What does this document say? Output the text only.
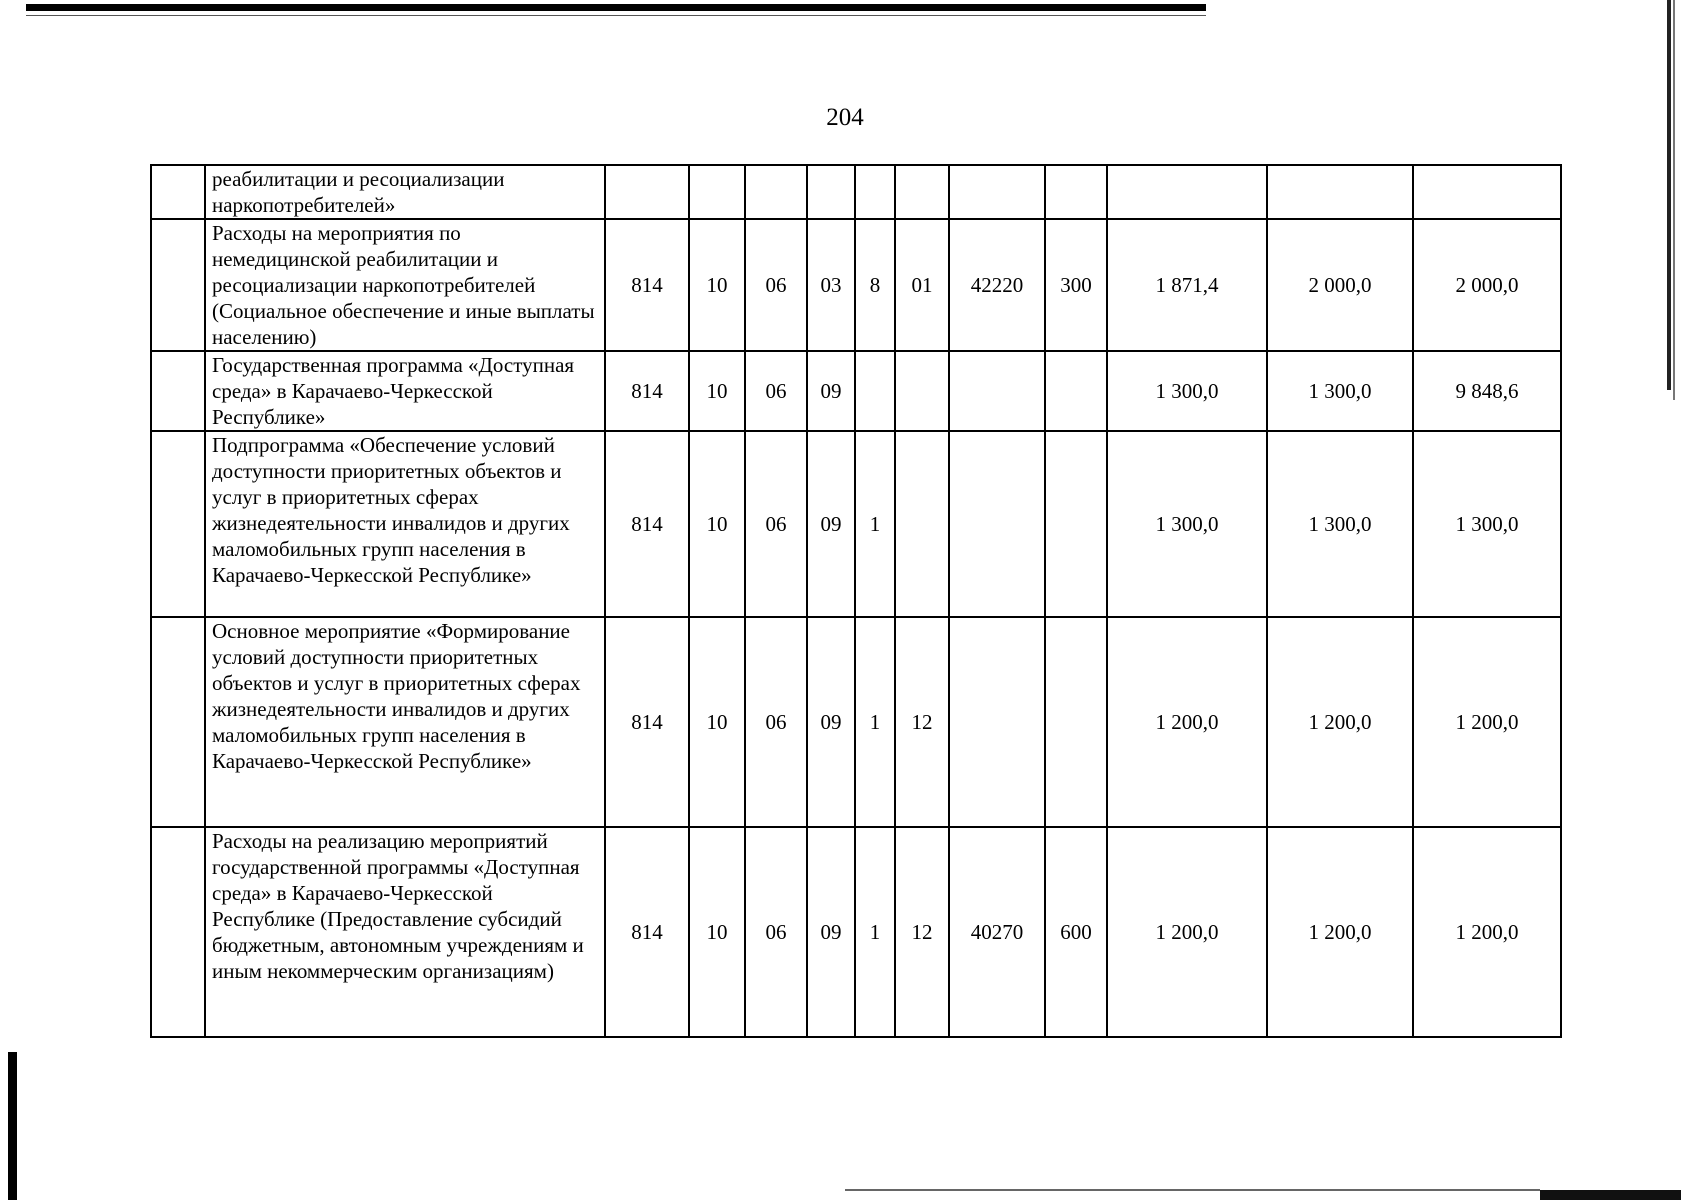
204
	реабилитации и ресоциализации наркопотребителей»											
	Расходы на мероприятия по немедицинской реабилитации и ресоциализации наркопотребителей (Социальное обеспечение и иные выплаты населению)	814	10	06	03	8	01	42220	300	1 871,4	2 000,0	2 000,0
	Государственная программа «Доступная среда» в Карачаево-Черкесской Республике»	814	10	06	09					1 300,0	1 300,0	9 848,6
	Подпрограмма «Обеспечение условий доступности приоритетных объектов и услуг в приоритетных сферах жизнедеятельности инвалидов и других маломобильных групп населения в Карачаево-Черкесской Республике»	814	10	06	09	1				1 300,0	1 300,0	1 300,0
	Основное мероприятие «Формирование условий доступности приоритетных объектов и услуг в приоритетных сферах жизнедеятельности инвалидов и других маломобильных групп населения в Карачаево-Черкесской Республике»	814	10	06	09	1	12			1 200,0	1 200,0	1 200,0
	Расходы на реализацию мероприятий государственной программы «Доступная среда» в Карачаево-Черкесской Республике (Предоставление субсидий бюджетным, автономным учреждениям и иным некоммерческим организациям)	814	10	06	09	1	12	40270	600	1 200,0	1 200,0	1 200,0
